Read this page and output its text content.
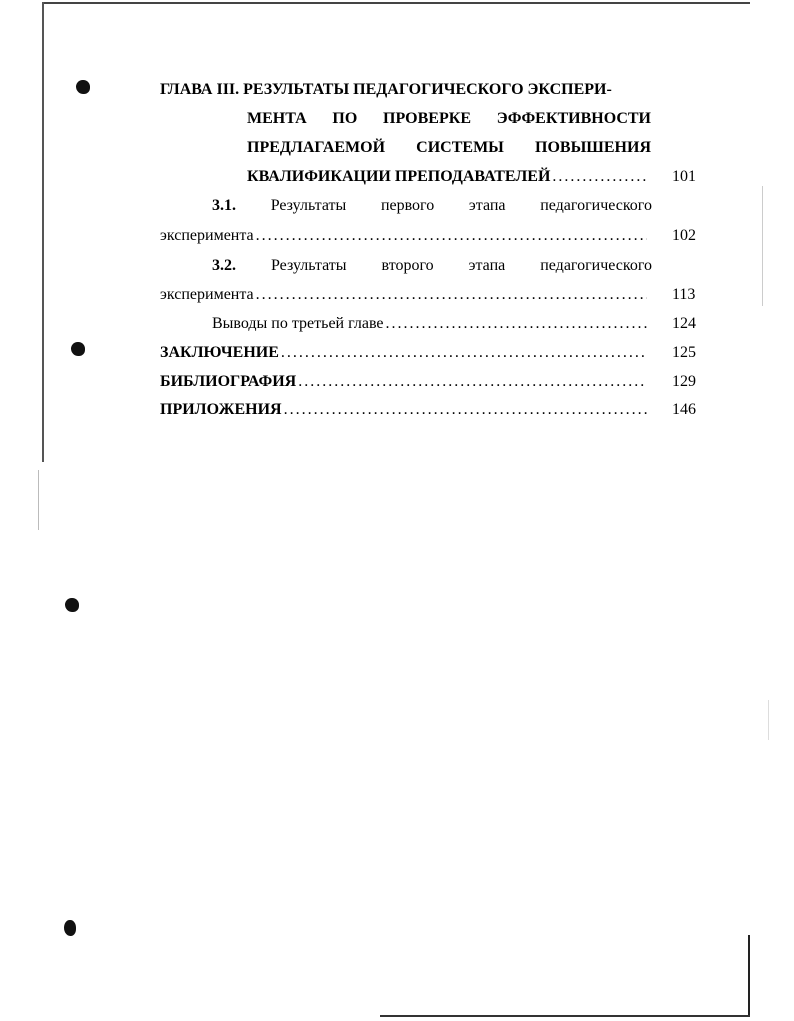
ГЛАВА III. РЕЗУЛЬТАТЫ ПЕДАГОГИЧЕСКОГО ЭКСПЕРИ-
МЕНТА ПО ПРОВЕРКЕ ЭФФЕКТИВНОСТИ
ПРЕДЛАГАЕМОЙ СИСТЕМЫ ПОВЫШЕНИЯ
КВАЛИФИКАЦИИ ПРЕПОДАВАТЕЛЕЙ . . .	101
3.1. Результаты первого этапа педагогического
эксперимента . . .	102
3.2. Результаты второго этапа педагогического
эксперимента . . .	113
Выводы по третьей главе . . .	124
ЗАКЛЮЧЕНИЕ . . .	125
БИБЛИОГРАФИЯ . . .	129
ПРИЛОЖЕНИЯ . . .	146
